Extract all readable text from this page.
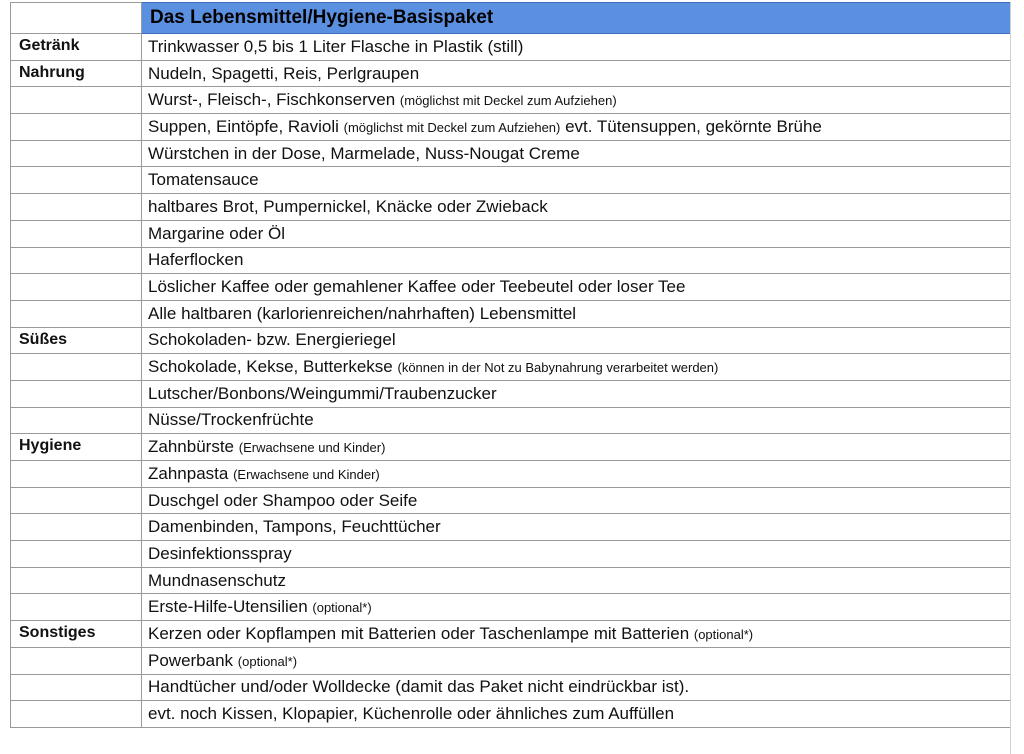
	Das Lebensmittel/Hygiene-Basispaket
Getränk	Trinkwasser 0,5 bis 1 Liter Flasche in Plastik (still)
Nahrung	Nudeln, Spagetti, Reis, Perlgraupen
	Wurst-, Fleisch-, Fischkonserven (möglichst mit Deckel zum Aufziehen)
	Suppen, Eintöpfe, Ravioli (möglichst mit Deckel zum Aufziehen) evt. Tütensuppen, gekörnte Brühe
	Würstchen in der Dose, Marmelade, Nuss-Nougat Creme
	Tomatensauce
	haltbares Brot, Pumpernickel, Knäcke oder Zwieback
	Margarine oder Öl
	Haferflocken
	Löslicher Kaffee oder gemahlener Kaffee oder Teebeutel oder loser Tee
	Alle haltbaren (karlorienreichen/nahrhaften) Lebensmittel
Süßes	Schokoladen- bzw. Energieriegel
	Schokolade, Kekse, Butterkekse (können in der Not zu Babynahrung verarbeitet werden)
	Lutscher/Bonbons/Weingummi/Traubenzucker
	Nüsse/Trockenfrüchte
Hygiene	Zahnbürste (Erwachsene und Kinder)
	Zahnpasta (Erwachsene und Kinder)
	Duschgel oder Shampoo oder Seife
	Damenbinden, Tampons, Feuchttücher
	Desinfektionsspray
	Mundnasenschutz
	Erste-Hilfe-Utensilien (optional*)
Sonstiges	Kerzen oder Kopflampen mit Batterien oder Taschenlampe mit Batterien (optional*)
	Powerbank (optional*)
	Handtücher und/oder Wolldecke (damit das Paket nicht eindrückbar ist).
	evt. noch Kissen, Klopapier, Küchenrolle oder ähnliches zum Auffüllen
